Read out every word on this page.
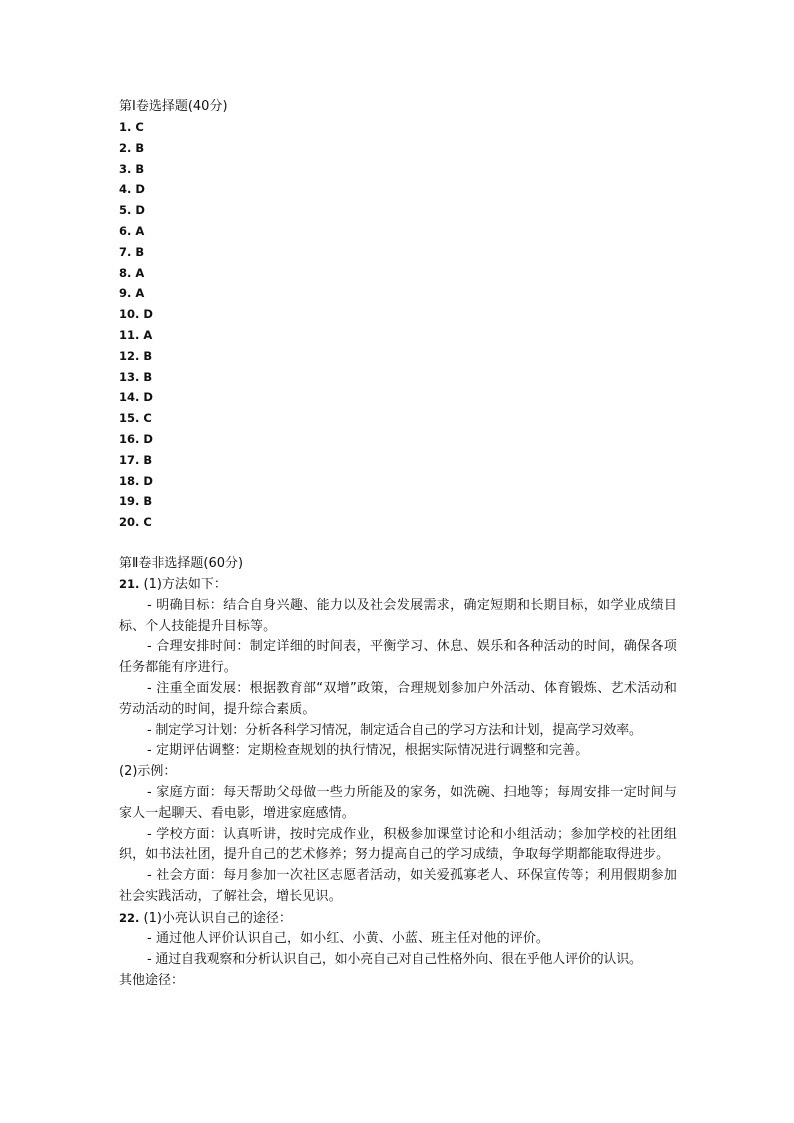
第Ⅰ卷选择题(40分)
1. C
2. B
3. B
4. D
5. D
6. A
7. B
8. A
9. A
10. D
11. A
12. B
13. B
14. D
15. C
16. D
17. B
18. D
19. B
20. C
第Ⅱ卷非选择题(60分)
21. (1)方法如下：
- 明确目标：结合自身兴趣、能力以及社会发展需求，确定短期和长期目标，如学业成绩目标、个人技能提升目标等。
- 合理安排时间：制定详细的时间表，平衡学习、休息、娱乐和各种活动的时间，确保各项任务都能有序进行。
- 注重全面发展：根据教育部“双增”政策，合理规划参加户外活动、体育锻炼、艺术活动和劳动活动的时间，提升综合素质。
- 制定学习计划：分析各科学习情况，制定适合自己的学习方法和计划，提高学习效率。
- 定期评估调整：定期检查规划的执行情况，根据实际情况进行调整和完善。
(2)示例：
- 家庭方面：每天帮助父母做一些力所能及的家务，如洗碗、扫地等；每周安排一定时间与家人一起聊天、看电影，增进家庭感情。
- 学校方面：认真听讲，按时完成作业，积极参加课堂讨论和小组活动；参加学校的社团组织，如书法社团，提升自己的艺术修养；努力提高自己的学习成绩，争取每学期都能取得进步。
- 社会方面：每月参加一次社区志愿者活动，如关爱孤寡老人、环保宣传等；利用假期参加社会实践活动，了解社会，增长见识。
22. (1)小亮认识自己的途径：
- 通过他人评价认识自己，如小红、小黄、小蓝、班主任对他的评价。
- 通过自我观察和分析认识自己，如小亮自己对自己性格外向、很在乎他人评价的认识。
其他途径：
